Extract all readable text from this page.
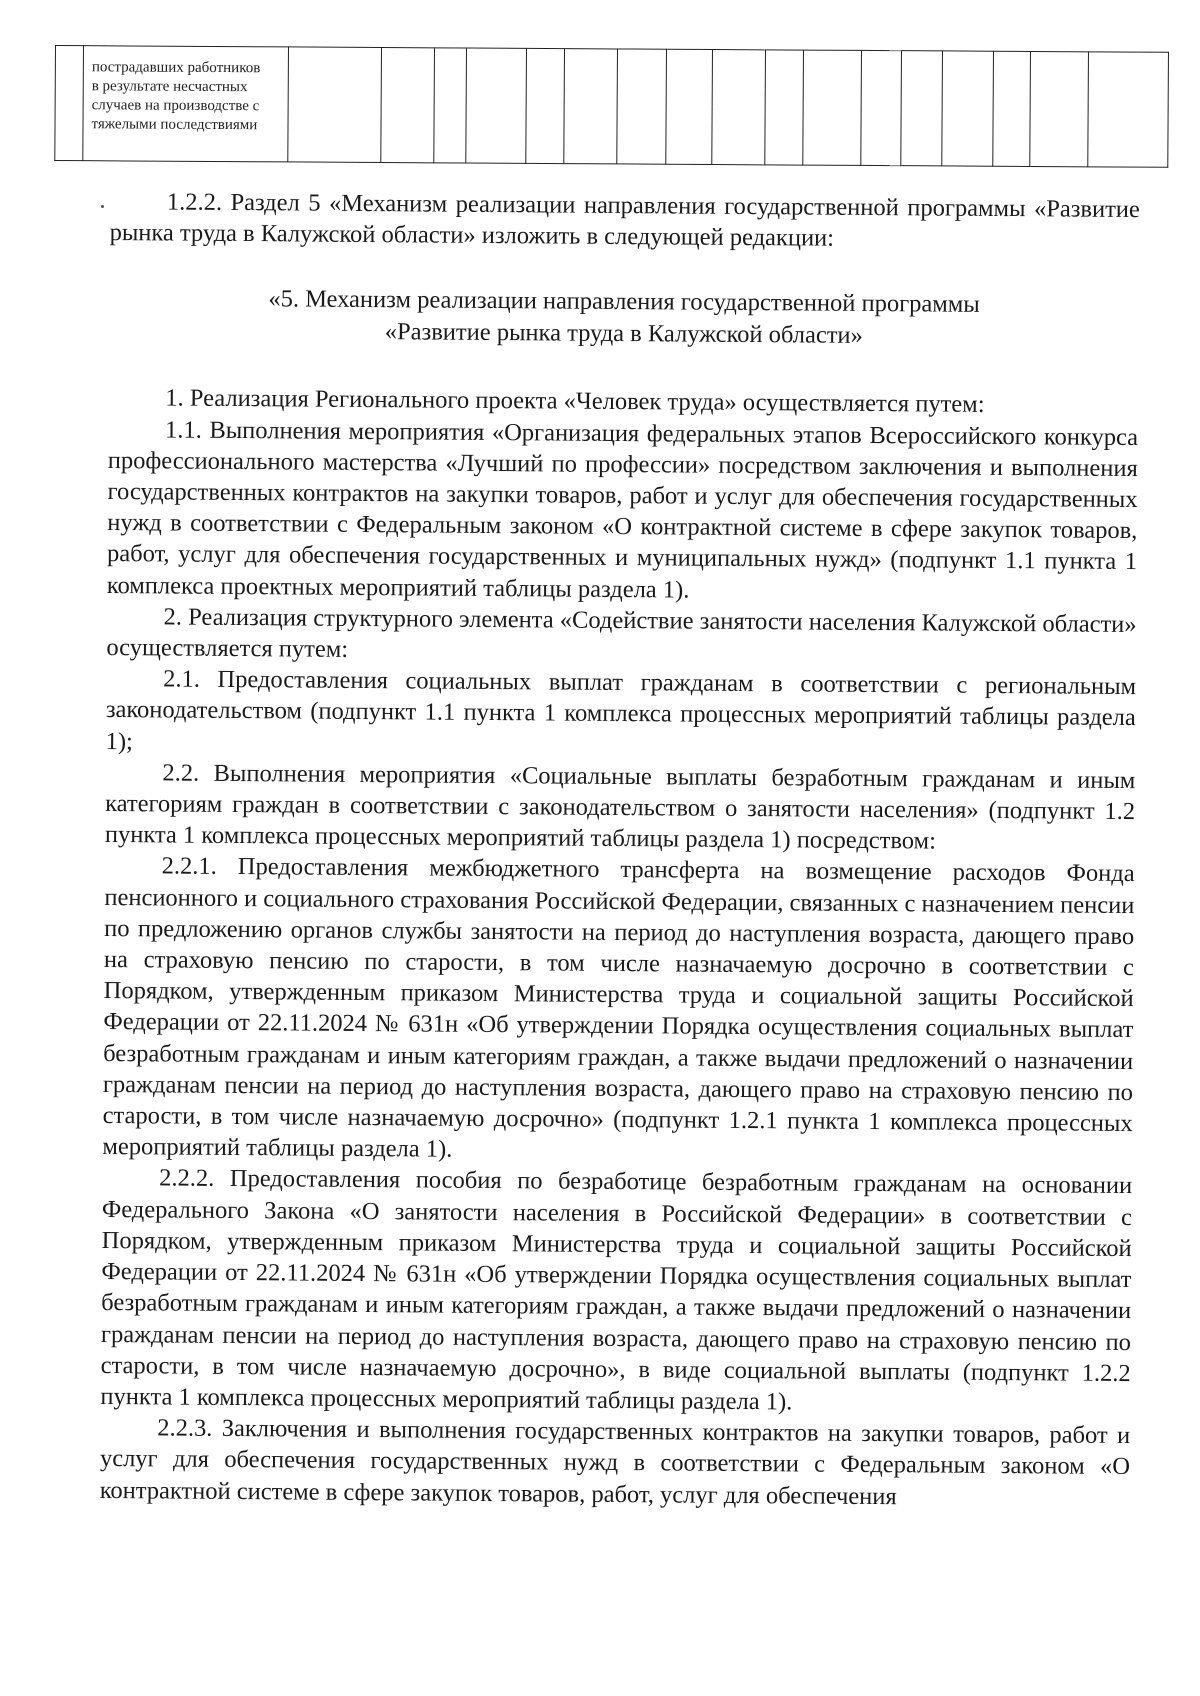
пострадавших работников
в результате несчастных
случаев на производстве с
тяжелыми последствиями

1.2.2. Раздел 5 «Механизм реализации направления государственной программы «Развитие рынка труда в Калужской области» изложить в следующей редакции:

«5. Механизм реализации направления государственной программы
«Развитие рынка труда в Калужской области»

1. Реализация Регионального проекта «Человек труда» осуществляется путем:

1.1. Выполнения мероприятия «Организация федеральных этапов Всероссийского конкурса профессионального мастерства «Лучший по профессии» посредством заключения и выполнения государственных контрактов на закупки товаров, работ и услуг для обеспечения государственных нужд в соответствии с Федеральным законом «О контрактной системе в сфере закупок товаров, работ, услуг для обеспечения государственных и муниципальных нужд» (подпункт 1.1 пункта 1 комплекса проектных мероприятий таблицы раздела 1).

2. Реализация структурного элемента «Содействие занятости населения Калужской области» осуществляется путем:

2.1. Предоставления социальных выплат гражданам в соответствии с региональным законодательством (подпункт 1.1 пункта 1 комплекса процессных мероприятий таблицы раздела 1);

2.2. Выполнения мероприятия «Социальные выплаты безработным гражданам и иным категориям граждан в соответствии с законодательством о занятости населения» (подпункт 1.2 пункта 1 комплекса процессных мероприятий таблицы раздела 1) посредством:

2.2.1. Предоставления межбюджетного трансферта на возмещение расходов Фонда пенсионного и социального страхования Российской Федерации, связанных с назначением пенсии по предложению органов службы занятости на период до наступления возраста, дающего право на страховую пенсию по старости, в том числе назначаемую досрочно в соответствии с Порядком, утвержденным приказом Министерства труда и социальной защиты Российской Федерации от 22.11.2024 № 631н «Об утверждении Порядка осуществления социальных выплат безработным гражданам и иным категориям граждан, а также выдачи предложений о назначении гражданам пенсии на период до наступления возраста, дающего право на страховую пенсию по старости, в том числе назначаемую досрочно» (подпункт 1.2.1 пункта 1 комплекса процессных мероприятий таблицы раздела 1).

2.2.2. Предоставления пособия по безработице безработным гражданам на основании Федерального Закона «О занятости населения в Российской Федерации» в соответствии с Порядком, утвержденным приказом Министерства труда и социальной защиты Российской Федерации от 22.11.2024 № 631н «Об утверждении Порядка осуществления социальных выплат безработным гражданам и иным категориям граждан, а также выдачи предложений о назначении гражданам пенсии на период до наступления возраста, дающего право на страховую пенсию по старости, в том числе назначаемую досрочно», в виде социальной выплаты (подпункт 1.2.2 пункта 1 комплекса процессных мероприятий таблицы раздела 1).

2.2.3. Заключения и выполнения государственных контрактов на закупки товаров, работ и услуг для обеспечения государственных нужд в соответствии с Федеральным законом «О контрактной системе в сфере закупок товаров, работ, услуг для обеспечения
